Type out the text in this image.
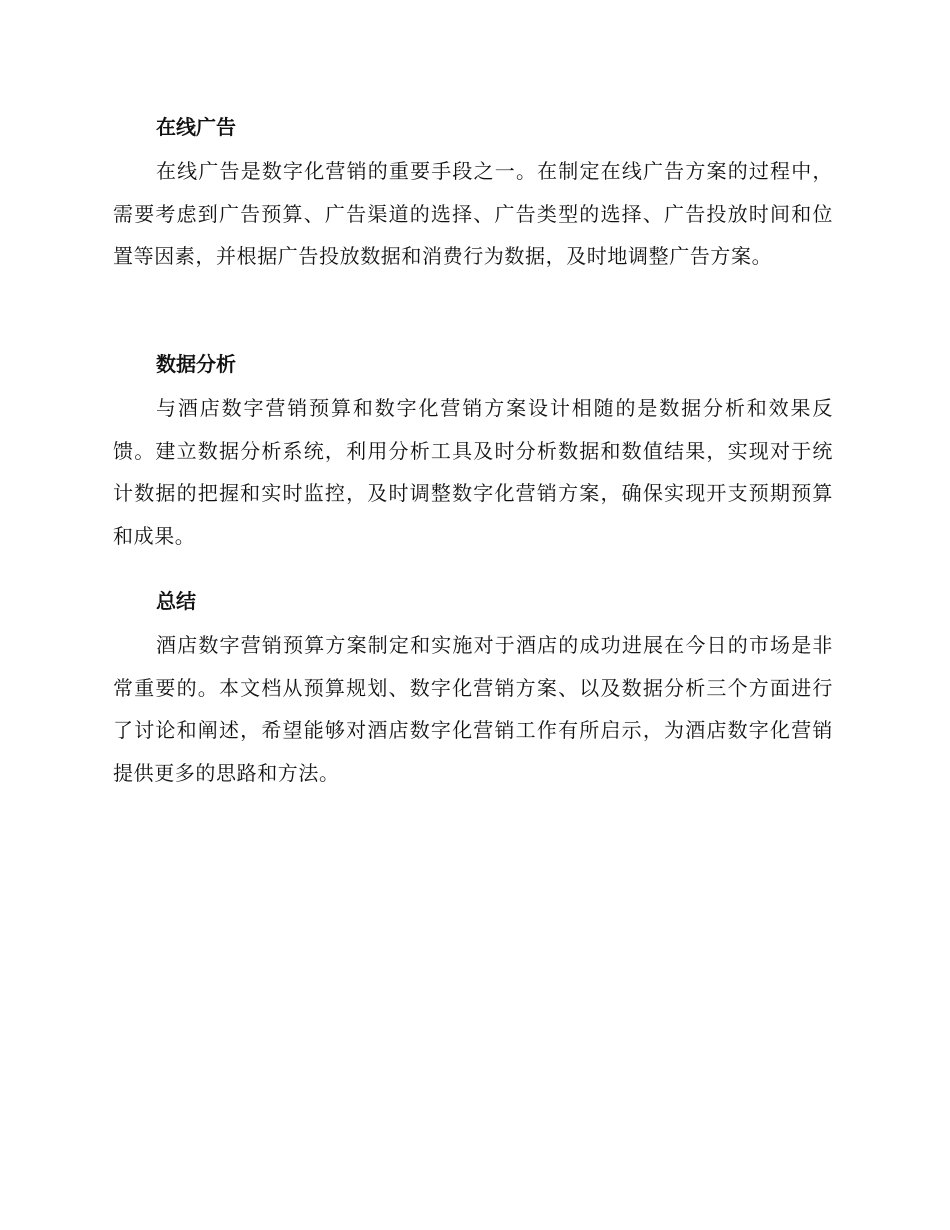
在线广告

在线广告是数字化营销的重要手段之一。在制定在线广告方案的过程中，需要考虑到广告预算、广告渠道的选择、广告类型的选择、广告投放时间和位置等因素，并根据广告投放数据和消费行为数据，及时地调整广告方案。

数据分析

与酒店数字营销预算和数字化营销方案设计相随的是数据分析和效果反馈。建立数据分析系统，利用分析工具及时分析数据和数值结果，实现对于统计数据的把握和实时监控，及时调整数字化营销方案，确保实现开支预期预算和成果。

总结

酒店数字营销预算方案制定和实施对于酒店的成功进展在今日的市场是非常重要的。本文档从预算规划、数字化营销方案、以及数据分析三个方面进行了讨论和阐述，希望能够对酒店数字化营销工作有所启示，为酒店数字化营销提供更多的思路和方法。
